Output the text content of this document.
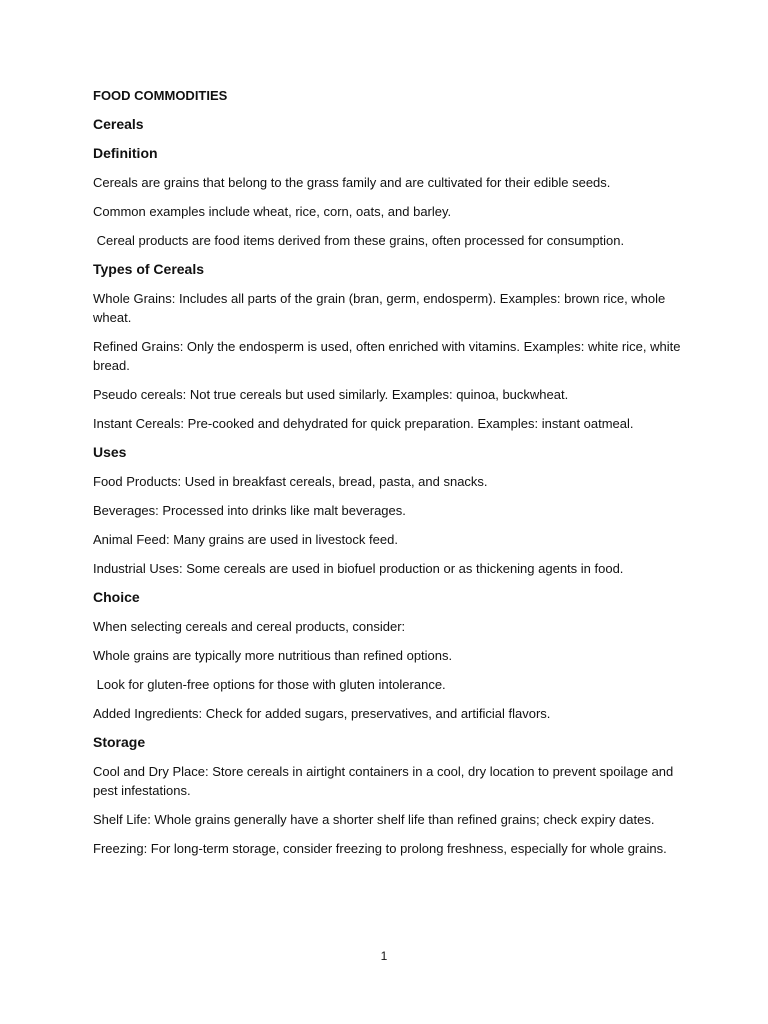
FOOD COMMODITIES
Cereals
Definition
Cereals are grains that belong to the grass family and are cultivated for their edible seeds.
Common examples include wheat, rice, corn, oats, and barley.
Cereal products are food items derived from these grains, often processed for consumption.
Types of Cereals
Whole Grains: Includes all parts of the grain (bran, germ, endosperm). Examples: brown rice, whole wheat.
Refined Grains: Only the endosperm is used, often enriched with vitamins. Examples: white rice, white bread.
Pseudo cereals: Not true cereals but used similarly. Examples: quinoa, buckwheat.
Instant Cereals: Pre-cooked and dehydrated for quick preparation. Examples: instant oatmeal.
Uses
Food Products: Used in breakfast cereals, bread, pasta, and snacks.
Beverages: Processed into drinks like malt beverages.
Animal Feed: Many grains are used in livestock feed.
Industrial Uses: Some cereals are used in biofuel production or as thickening agents in food.
Choice
When selecting cereals and cereal products, consider:
Whole grains are typically more nutritious than refined options.
Look for gluten-free options for those with gluten intolerance.
Added Ingredients: Check for added sugars, preservatives, and artificial flavors.
Storage
Cool and Dry Place: Store cereals in airtight containers in a cool, dry location to prevent spoilage and pest infestations.
Shelf Life: Whole grains generally have a shorter shelf life than refined grains; check expiry dates.
Freezing: For long-term storage, consider freezing to prolong freshness, especially for whole grains.
1
